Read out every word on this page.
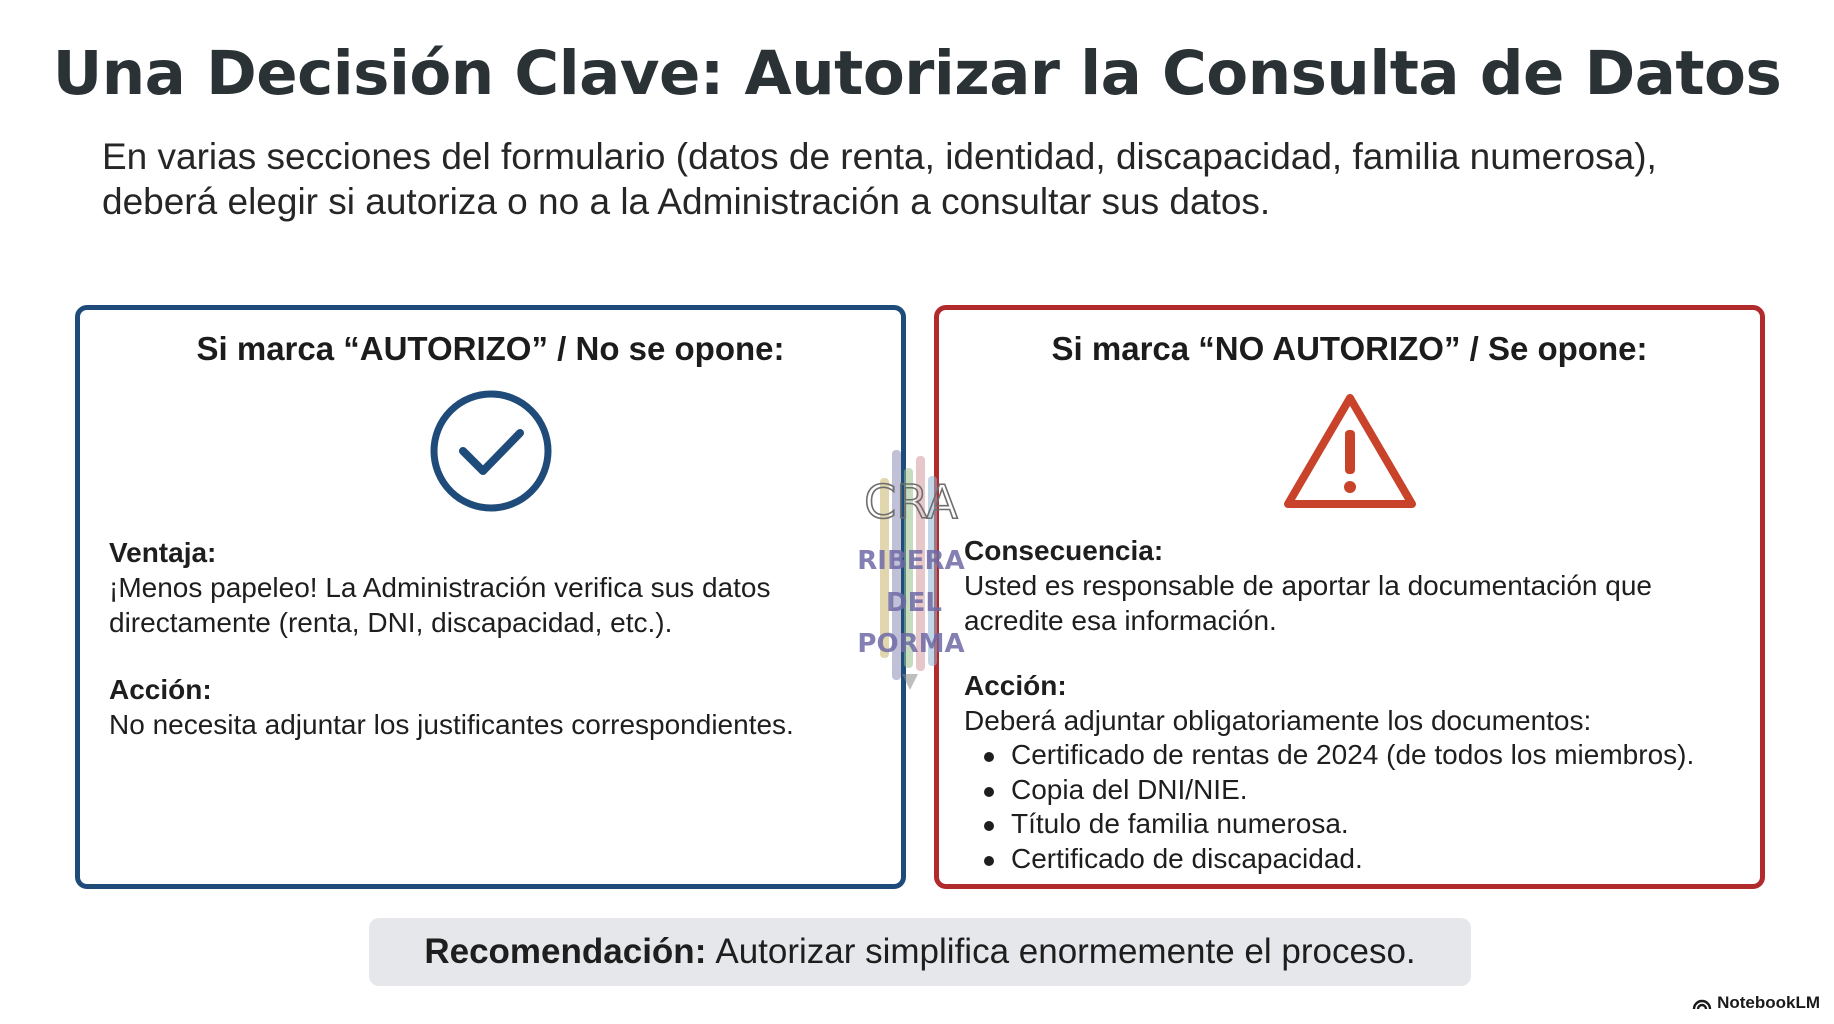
Una Decisión Clave: Autorizar la Consulta de Datos

En varias secciones del formulario (datos de renta, identidad, discapacidad, familia numerosa), deberá elegir si autoriza o no a la Administración a consultar sus datos.

Si marca “AUTORIZO” / No se opone:
Ventaja:
¡Menos papeleo! La Administración verifica sus datos directamente (renta, DNI, discapacidad, etc.).
Acción:
No necesita adjuntar los justificantes correspondientes.
Si marca “NO AUTORIZO” / Se opone:
Consecuencia:
Usted es responsable de aportar la documentación que acredite esa información.
Acción:
Deberá adjuntar obligatoriamente los documentos:
Certificado de rentas de 2024 (de todos los miembros).
Copia del DNI/NIE.
Título de familia numerosa.
Certificado de discapacidad.
CRA
RIBERA
DEL
PORMA
Recomendación: Autorizar simplifica enormemente el proceso.
NotebookLM
